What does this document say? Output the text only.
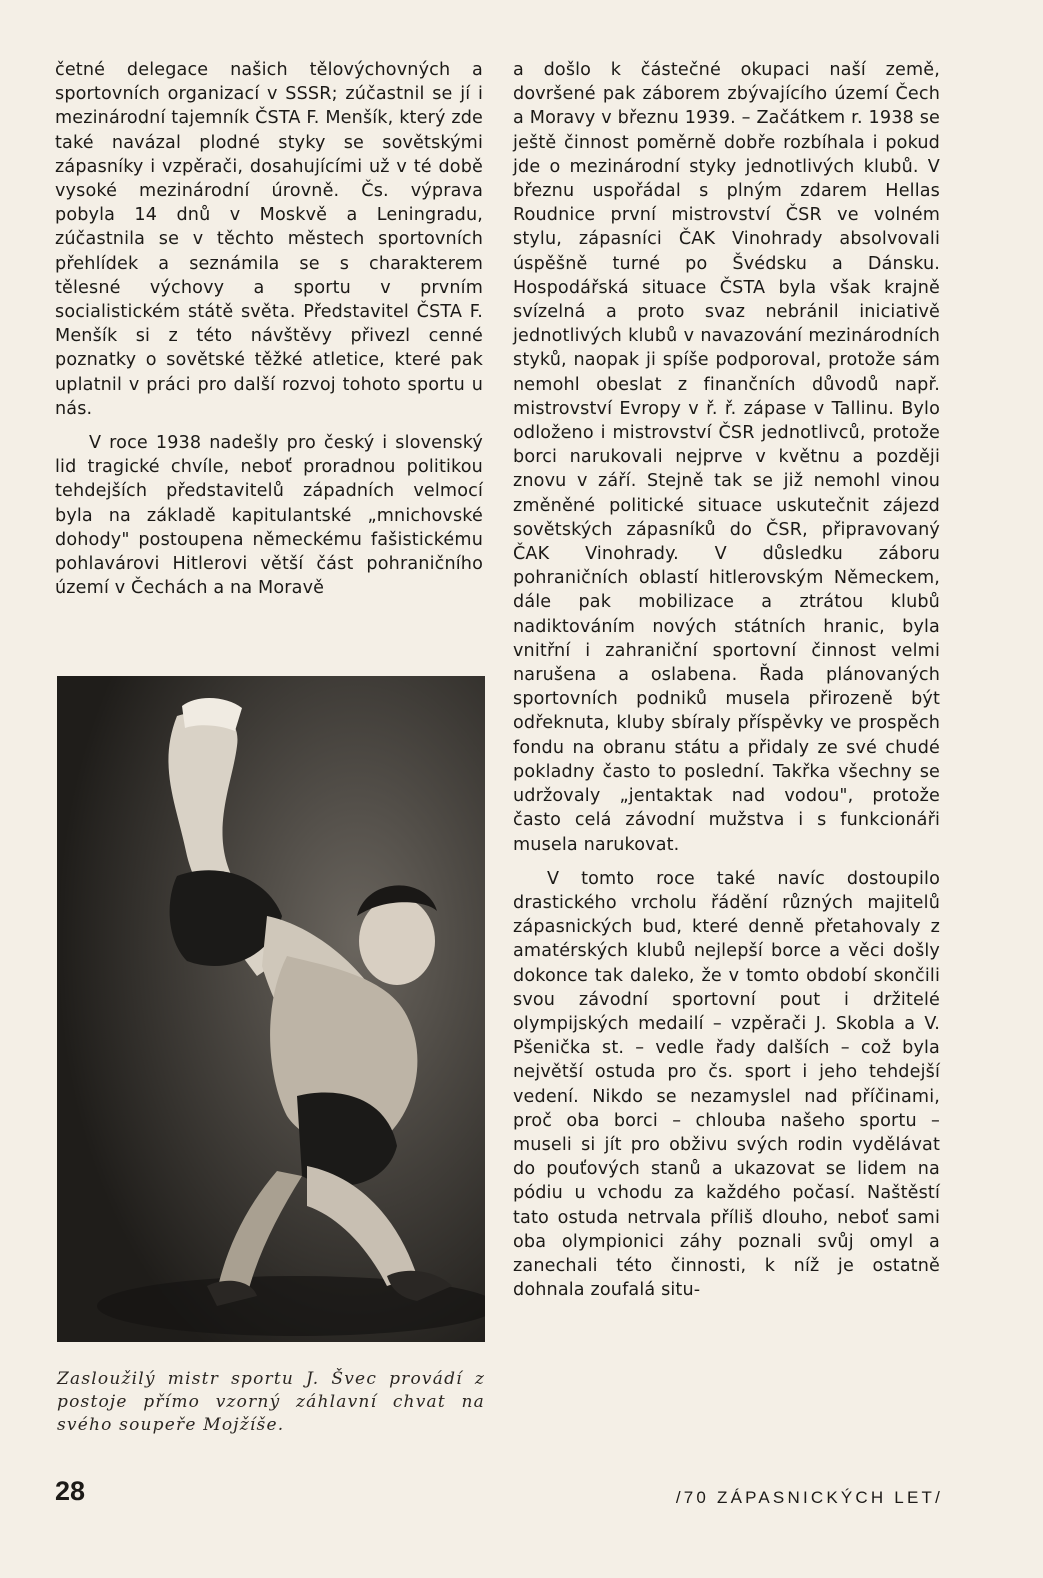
četné delegace našich tělovýchovných a sportovních organizací v SSSR; zúčastnil se jí i mezinárodní tajemník ČSTA F. Menšík, který zde také navázal plodné styky se sovětskými zápasníky i vzpěrači, dosahujícími už v té době vysoké mezinárodní úrovně. Čs. výprava pobyla 14 dnů v Moskvě a Leningradu, zúčastnila se v těchto městech sportovních přehlídek a seznámila se s charakterem tělesné výchovy a sportu v prvním socialistickém státě světa. Představitel ČSTA F. Menšík si z této návštěvy přivezl cenné poznatky o sovětské těžké atletice, které pak uplatnil v práci pro další rozvoj tohoto sportu u nás.

V roce 1938 nadešly pro český i slovenský lid tragické chvíle, neboť proradnou politikou tehdejších představitelů západních velmocí byla na základě kapitulantské „mnichovské dohody" postoupena německému fašistickému pohlavárovi Hitlerovi větší část pohraničního území v Čechách a na Moravě

Zasloužilý mistr sportu J. Švec provádí z postoje přímo vzorný záhlavní chvat na svého soupeře Mojžíše.

a došlo k částečné okupaci naší země, dovršené pak záborem zbývajícího území Čech a Moravy v březnu 1939. – Začátkem r. 1938 se ještě činnost poměrně dobře rozbíhala i pokud jde o mezinárodní styky jednotlivých klubů. V březnu uspořádal s plným zdarem Hellas Roudnice první mistrovství ČSR ve volném stylu, zápasníci ČAK Vinohrady absolvovali úspěšně turné po Švédsku a Dánsku. Hospodářská situace ČSTA byla však krajně svízelná a proto svaz nebránil iniciativě jednotlivých klubů v navazování mezinárodních styků, naopak ji spíše podporoval, protože sám nemohl obeslat z finančních důvodů např. mistrovství Evropy v ř. ř. zápase v Tallinu. Bylo odloženo i mistrovství ČSR jednotlivců, protože borci narukovali nejprve v květnu a později znovu v září. Stejně tak se již nemohl vinou změněné politické situace uskutečnit zájezd sovětských zápasníků do ČSR, připravovaný ČAK Vinohrady. V důsledku záboru pohraničních oblastí hitlerovským Německem, dále pak mobilizace a ztrátou klubů nadiktováním nových státních hranic, byla vnitřní i zahraniční sportovní činnost velmi narušena a oslabena. Řada plánovaných sportovních podniků musela přirozeně být odřeknuta, kluby sbíraly příspěvky ve prospěch fondu na obranu státu a přidaly ze své chudé pokladny často to poslední. Takřka všechny se udržovaly „jentaktak nad vodou", protože často celá závodní mužstva i s funkcionáři musela narukovat.

V tomto roce také navíc dostoupilo drastického vrcholu řádění různých majitelů zápasnických bud, které denně přetahovaly z amatérských klubů nejlepší borce a věci došly dokonce tak daleko, že v tomto období skončili svou závodní sportovní pout i držitelé olympijských medailí – vzpěrači J. Skobla a V. Pšenička st. – vedle řady dalších – což byla největší ostuda pro čs. sport i jeho tehdejší vedení. Nikdo se nezamyslel nad příčinami, proč oba borci – chlouba našeho sportu – museli si jít pro obživu svých rodin vydělávat do pouťových stanů a ukazovat se lidem na pódiu u vchodu za každého počasí. Naštěstí tato ostuda netrvala příliš dlouho, neboť sami oba olympionici záhy poznali svůj omyl a zanechali této činnosti, k níž je ostatně dohnala zoufalá situ-

28	/70 ZÁPASNICKÝCH LET/
